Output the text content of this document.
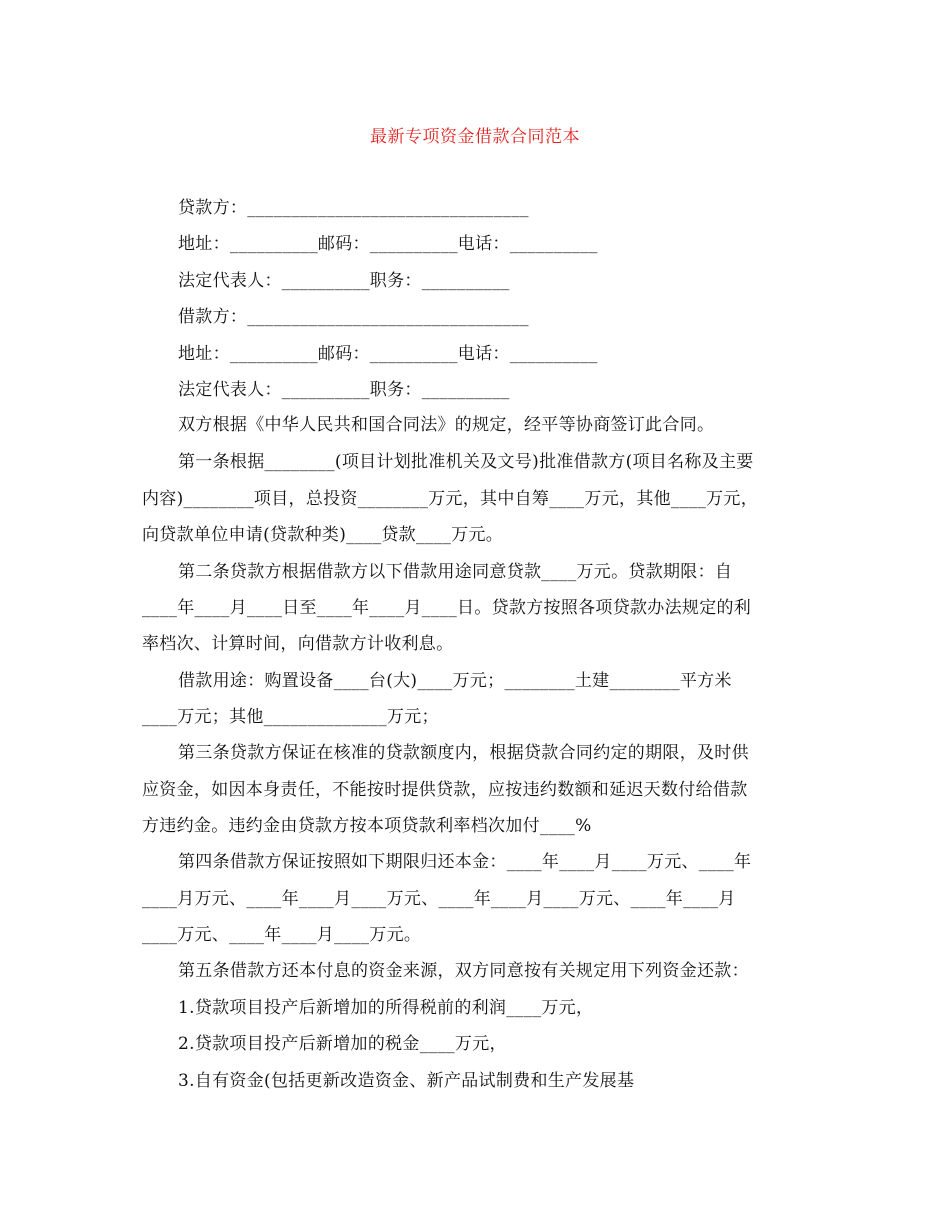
最新专项资金借款合同范本
贷款方：________________________________
地址：__________邮码：__________电话：__________
法定代表人：__________职务：__________
借款方：________________________________
地址：__________邮码：__________电话：__________
法定代表人：__________职务：__________
双方根据《中华人民共和国合同法》的规定，经平等协商签订此合同。
第一条根据________(项目计划批准机关及文号)批准借款方(项目名称及主要
内容)________项目，总投资________万元，其中自筹____万元，其他____万元，
向贷款单位申请(贷款种类)____贷款____万元。
第二条贷款方根据借款方以下借款用途同意贷款____万元。贷款期限：自
____年____月____日至____年____月____日。贷款方按照各项贷款办法规定的利
率档次、计算时间，向借款方计收利息。
借款用途：购置设备____台(大)____万元；________土建________平方米
____万元；其他______________万元；
第三条贷款方保证在核准的贷款额度内，根据贷款合同约定的期限，及时供
应资金，如因本身责任，不能按时提供贷款，应按违约数额和延迟天数付给借款
方违约金。违约金由贷款方按本项贷款利率档次加付____%
第四条借款方保证按照如下期限归还本金：____年____月____万元、____年
____月万元、____年____月____万元、____年____月____万元、____年____月
____万元、____年____月____万元。
第五条借款方还本付息的资金来源，双方同意按有关规定用下列资金还款：
1.贷款项目投产后新增加的所得税前的利润____万元，
2.贷款项目投产后新增加的税金____万元，
3.自有资金(包括更新改造资金、新产品试制费和生产发展基
